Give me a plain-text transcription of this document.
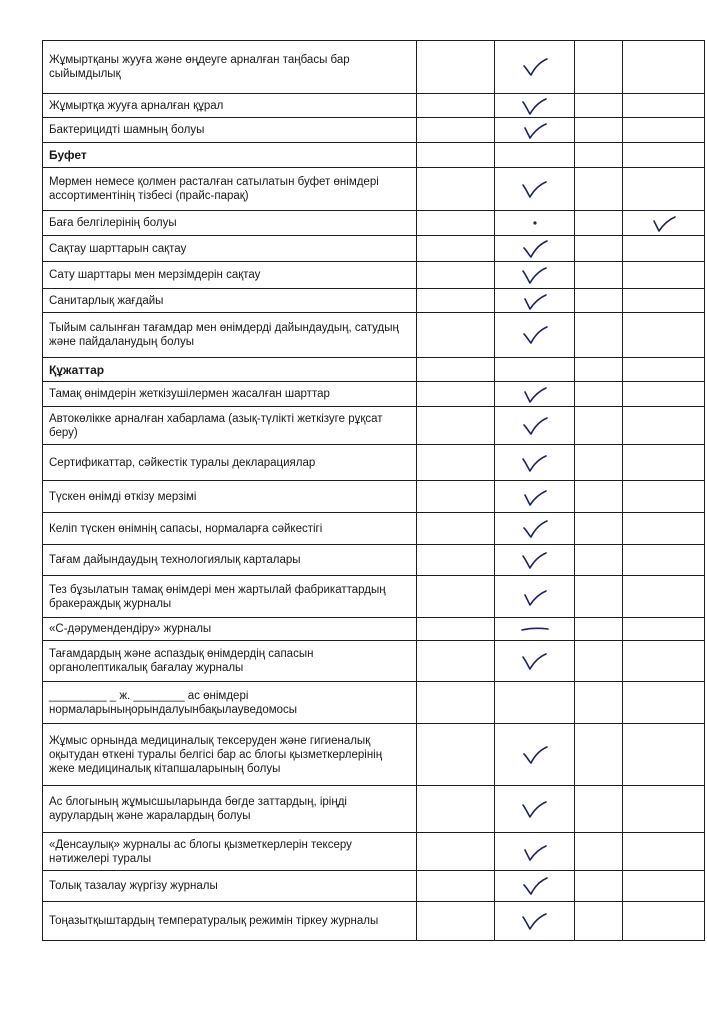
Жұмыртқаны жууға және өңдеуге арналған таңбасы бар сыйымдылық		

Жұмыртқа жууға арналған құрал		

Бактерицидті шамның болуы		

Буфет				
Мөрмен немесе қолмен расталған сатылатын буфет өнімдері ассортиментінің тізбесі (прайс-парақ)		

Баға белгілерінің болуы		

Сақтау шарттарын сақтау		

Сату шарттары мен мерзімдерін сақтау		

Санитарлық жағдайы		

Тыйым салынған тағамдар мен өнімдерді дайындаудың, сатудың және пайдаланудың болуы		

Құжаттар				
Тамақ өнімдерін жеткізушілермен жасалған шарттар		

Автокөлікке арналған хабарлама (азық-түлікті жеткізуге рұқсат беру)		

Сертификаттар, сәйкестік туралы декларациялар		

Түскен өнімді өткізу мерзімі		

Келіп түскен өнімнің сапасы, нормаларға сәйкестігі		

Тағам дайындаудың технологиялық карталары		

Тез бұзылатын тамақ өнімдері мен жартылай фабрикаттардың бракераждық журналы		

«С-дәрумендендіру» журналы		

Тағамдардың және аспаздық өнімдердің сапасын органолептикалық бағалау журналы		

_________ _ ж. ________ ас өнімдері нормаларыныңорындалуынбақылауведомосы				
Жұмыс орнында медициналық тексеруден және гигиеналық оқытудан өткені туралы белгісі бар ас блогы қызметкерлерінің жеке медициналық кітапшаларының болуы		

Ас блогының жұмысшыларында бөгде заттардың, іріңді аурулардың және жаралардың болуы		

«Денсаулық» журналы ас блогы қызметкерлерін тексеру нәтижелері туралы		

Толық тазалау жүргізу журналы		

Тоңазытқыштардың температуралық режимін тіркеу журналы		
